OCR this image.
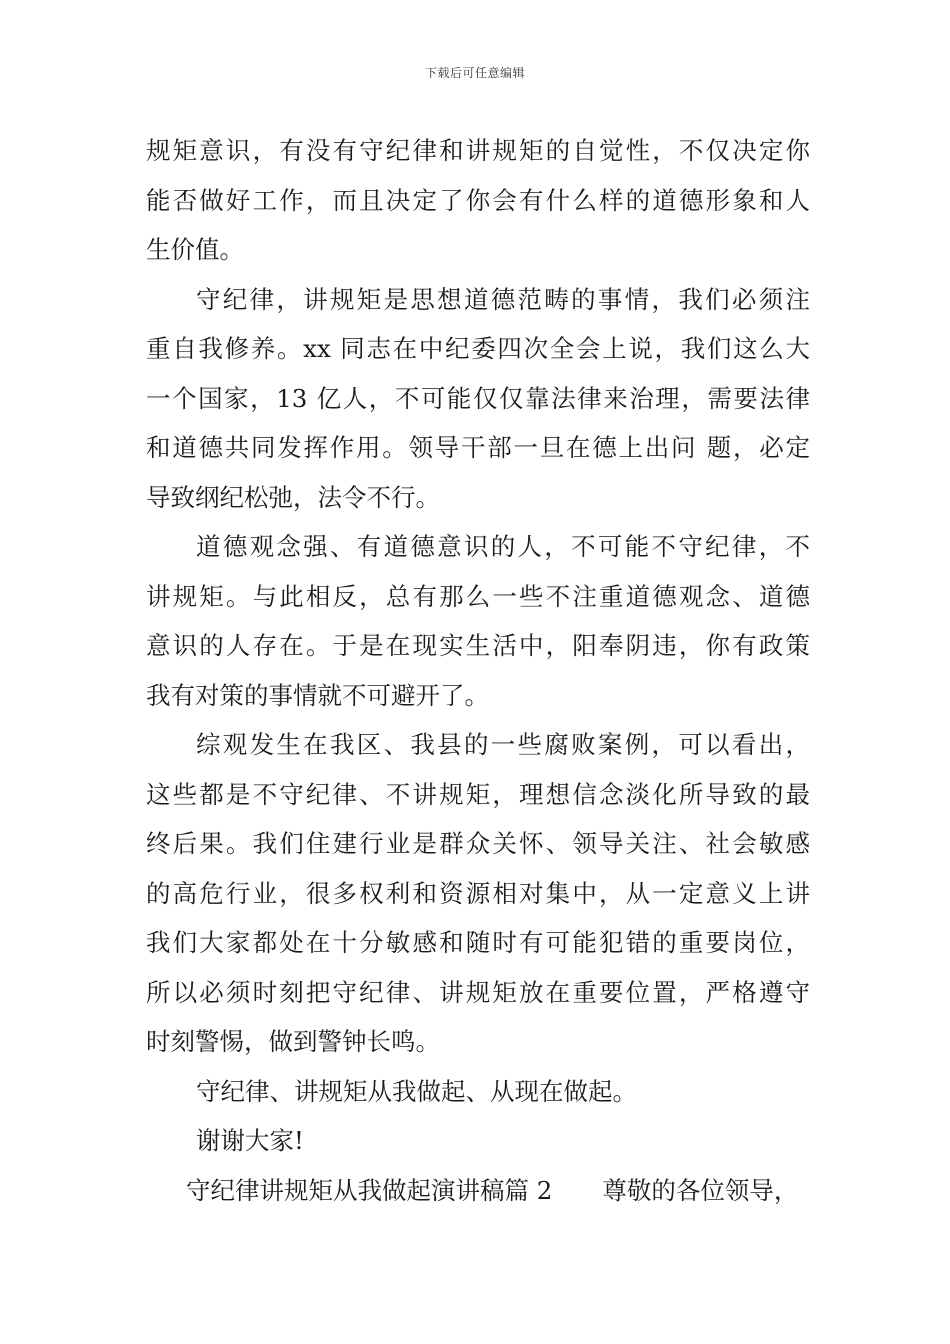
下载后可任意编辑
规矩意识，有没有守纪律和讲规矩的自觉性，不仅决定你
能否做好工作，而且决定了你会有什么样的道德形象和人
生价值。
守纪律，讲规矩是思想道德范畴的事情，我们必须注
重自我修养。xx 同志在中纪委四次全会上说，我们这么大
一个国家，13 亿人，不可能仅仅靠法律来治理，需要法律
和道德共同发挥作用。领导干部一旦在德上出问 题，必定
导致纲纪松弛，法令不行。
道德观念强、有道德意识的人，不可能不守纪律，不
讲规矩。与此相反，总有那么一些不注重道德观念、道德
意识的人存在。于是在现实生活中，阳奉阴违，你有政策
我有对策的事情就不可避开了。
综观发生在我区、我县的一些腐败案例，可以看出，
这些都是不守纪律、不讲规矩，理想信念淡化所导致的最
终后果。我们住建行业是群众关怀、领导关注、社会敏感
的高危行业，很多权利和资源相对集中，从一定意义上讲
我们大家都处在十分敏感和随时有可能犯错的重要岗位，
所以必须时刻把守纪律、讲规矩放在重要位置，严格遵守
时刻警惕，做到警钟长鸣。
守纪律、讲规矩从我做起、从现在做起。
谢谢大家!
守纪律讲规矩从我做起演讲稿篇 2 尊敬的各位领导，
